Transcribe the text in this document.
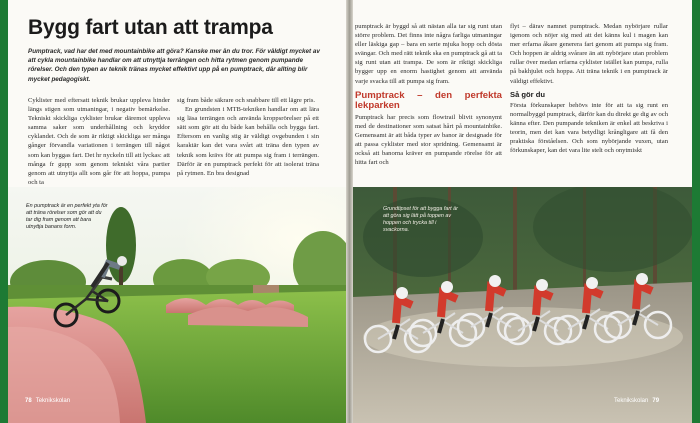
pumptrack är byggd så att nästan alla tar sig runt utan större problem. Det finns inte några farliga utmaningar eller läskiga gap – bara en serie mjuka hopp och dösta svängar. Och med rätt teknik ska en pumptrack gå att ta sig runt utan att trampa. De som är riktigt skickliga bygger upp en enorm hastighet genom att använda varje svacka till att pumpa sig fram.

Pumptrack – den perfekta lekparken

Pumptrack har precis som flowtrail blivit synonymt med de destinationer som satsat hårt på mountainbike. Gemensamt är att båda typer av banor är designade för att passa cyklister med stor spridning. Gemensamt är också att banorna kräver en pumpande rörelse för att hitta fart och

flyt – därav namnet pumptrack. Medan nybörjare rullar igenom och nöjer sig med att det känns kul i magen kan mer erfarna åkare generera fart genom att pumpa sig fram. Och hoppen är aldrig svårare än att nybörjare utan problem rullar över medan erfarna cyklister istället kan pumpa, rulla på bakhjulet och hoppa. Att träna teknik i en pumptrack är väldigt effektivt.

Så gör du

Första förkunskaper behövs inte för att ta sig runt en normalbyggd pumptrack, därför kan du direkt ge dig av och känna efter. Den pumpande tekniken är enkel att beskriva i teorin, men det kan vara betydligt krångligare att få den praktiska förståelsen. Och som nybörjande vuxen, utan förkunskaper, kan det vara lite stelt och onytmiskt

Bygg fart utan att trampa
Pumptrack, vad har det med mountainbike att göra? Kanske mer än du tror. För väldigt mycket av att cykla mountainbike handlar om att utnyttja terrängen och hitta rytmen genom pumpande rörelser. Och den typen av teknik tränas mycket effektivt upp på en pumptrack, där allting blir mycket pedagogiskt.

Cyklister med eftersatt teknik brukar uppleva hinder längs stigen som utmaningar, i negativ bemärkelse. Tekniskt skickliga cyklister brukar däremot uppleva samma saker som underhållning och kryddor cyklandet. Och de som är riktigt skickliga ser många gånger förvandla variationen i terrängen till något som kan byggas fart. Det hr nyckeln till att lyckas: att många fr gupp som genom tekniskt våra partier genom att utnyttja allt som går för att hoppa, pumpa och ta

sig fram både säkrare och snabbare till ett lägre pris.

En grundsten i MTB-tekniken handlar om att lära sig läsa terrängen och använda kroppsrörelser på ett sätt som gör att du både kan behålla och bygga fart. Eftersom en vanlig stig är väldigt ovgebunden i sin karaktär kan det vara svårt att träna den typen av teknik som krävs för att pumpa sig fram i terrängen. Därför är en pumptrack perfekt för att isolerat träna på rytmen. En bra designad

En pumptrack är en perfekt yta för att träna rörelser som gör att du tar dig fram genom att bara utnyttja banans form.
Grundtipset för att bygga fart är att göra sig lätt på toppen av hoppen och trycka till i svackorna.
78 Teknikskolan	Teknikskolan 79
